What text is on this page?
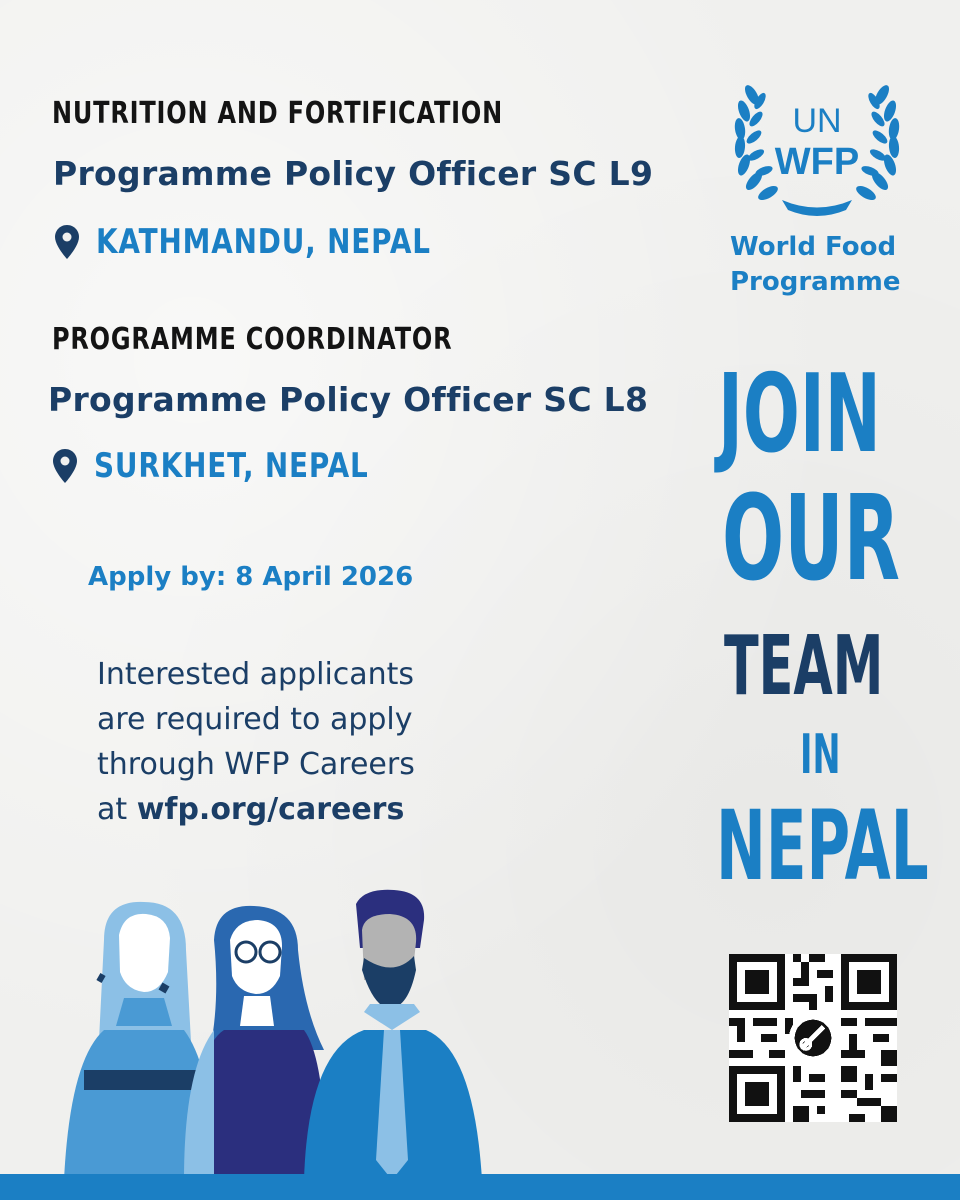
NUTRITION AND FORTIFICATION
Programme Policy Officer SC L9
KATHMANDU, NEPAL
PROGRAMME COORDINATOR
Programme Policy Officer SC L8
SURKHET, NEPAL
Apply by: 8 April 2026

Interested applicants

are required to apply

through WFP Careers

at wfp.org/careers

UN
WFP
World Food
Programme
JOIN
OUR
TEAM
IN
NEPAL
